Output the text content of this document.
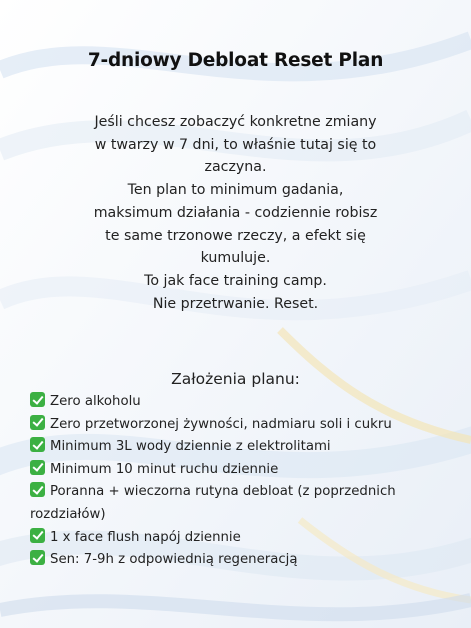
7-dniowy Debloat Reset Plan
Jeśli chcesz zobaczyć konkretne zmiany
w twarzy w 7 dni, to właśnie tutaj się to
zaczyna.
Ten plan to minimum gadania,
maksimum działania - codziennie robisz
te same trzonowe rzeczy, a efekt się
kumuluje.
To jak face training camp.
Nie przetrwanie. Reset.
Założenia planu:
Zero alkoholu
Zero przetworzonej żywności, nadmiaru soli i cukru
Minimum 3L wody dziennie z elektrolitami
Minimum 10 minut ruchu dziennie
Poranna + wieczorna rutyna debloat (z poprzednich rozdziałów)
1 x face flush napój dziennie
Sen: 7-9h z odpowiednią regeneracją
